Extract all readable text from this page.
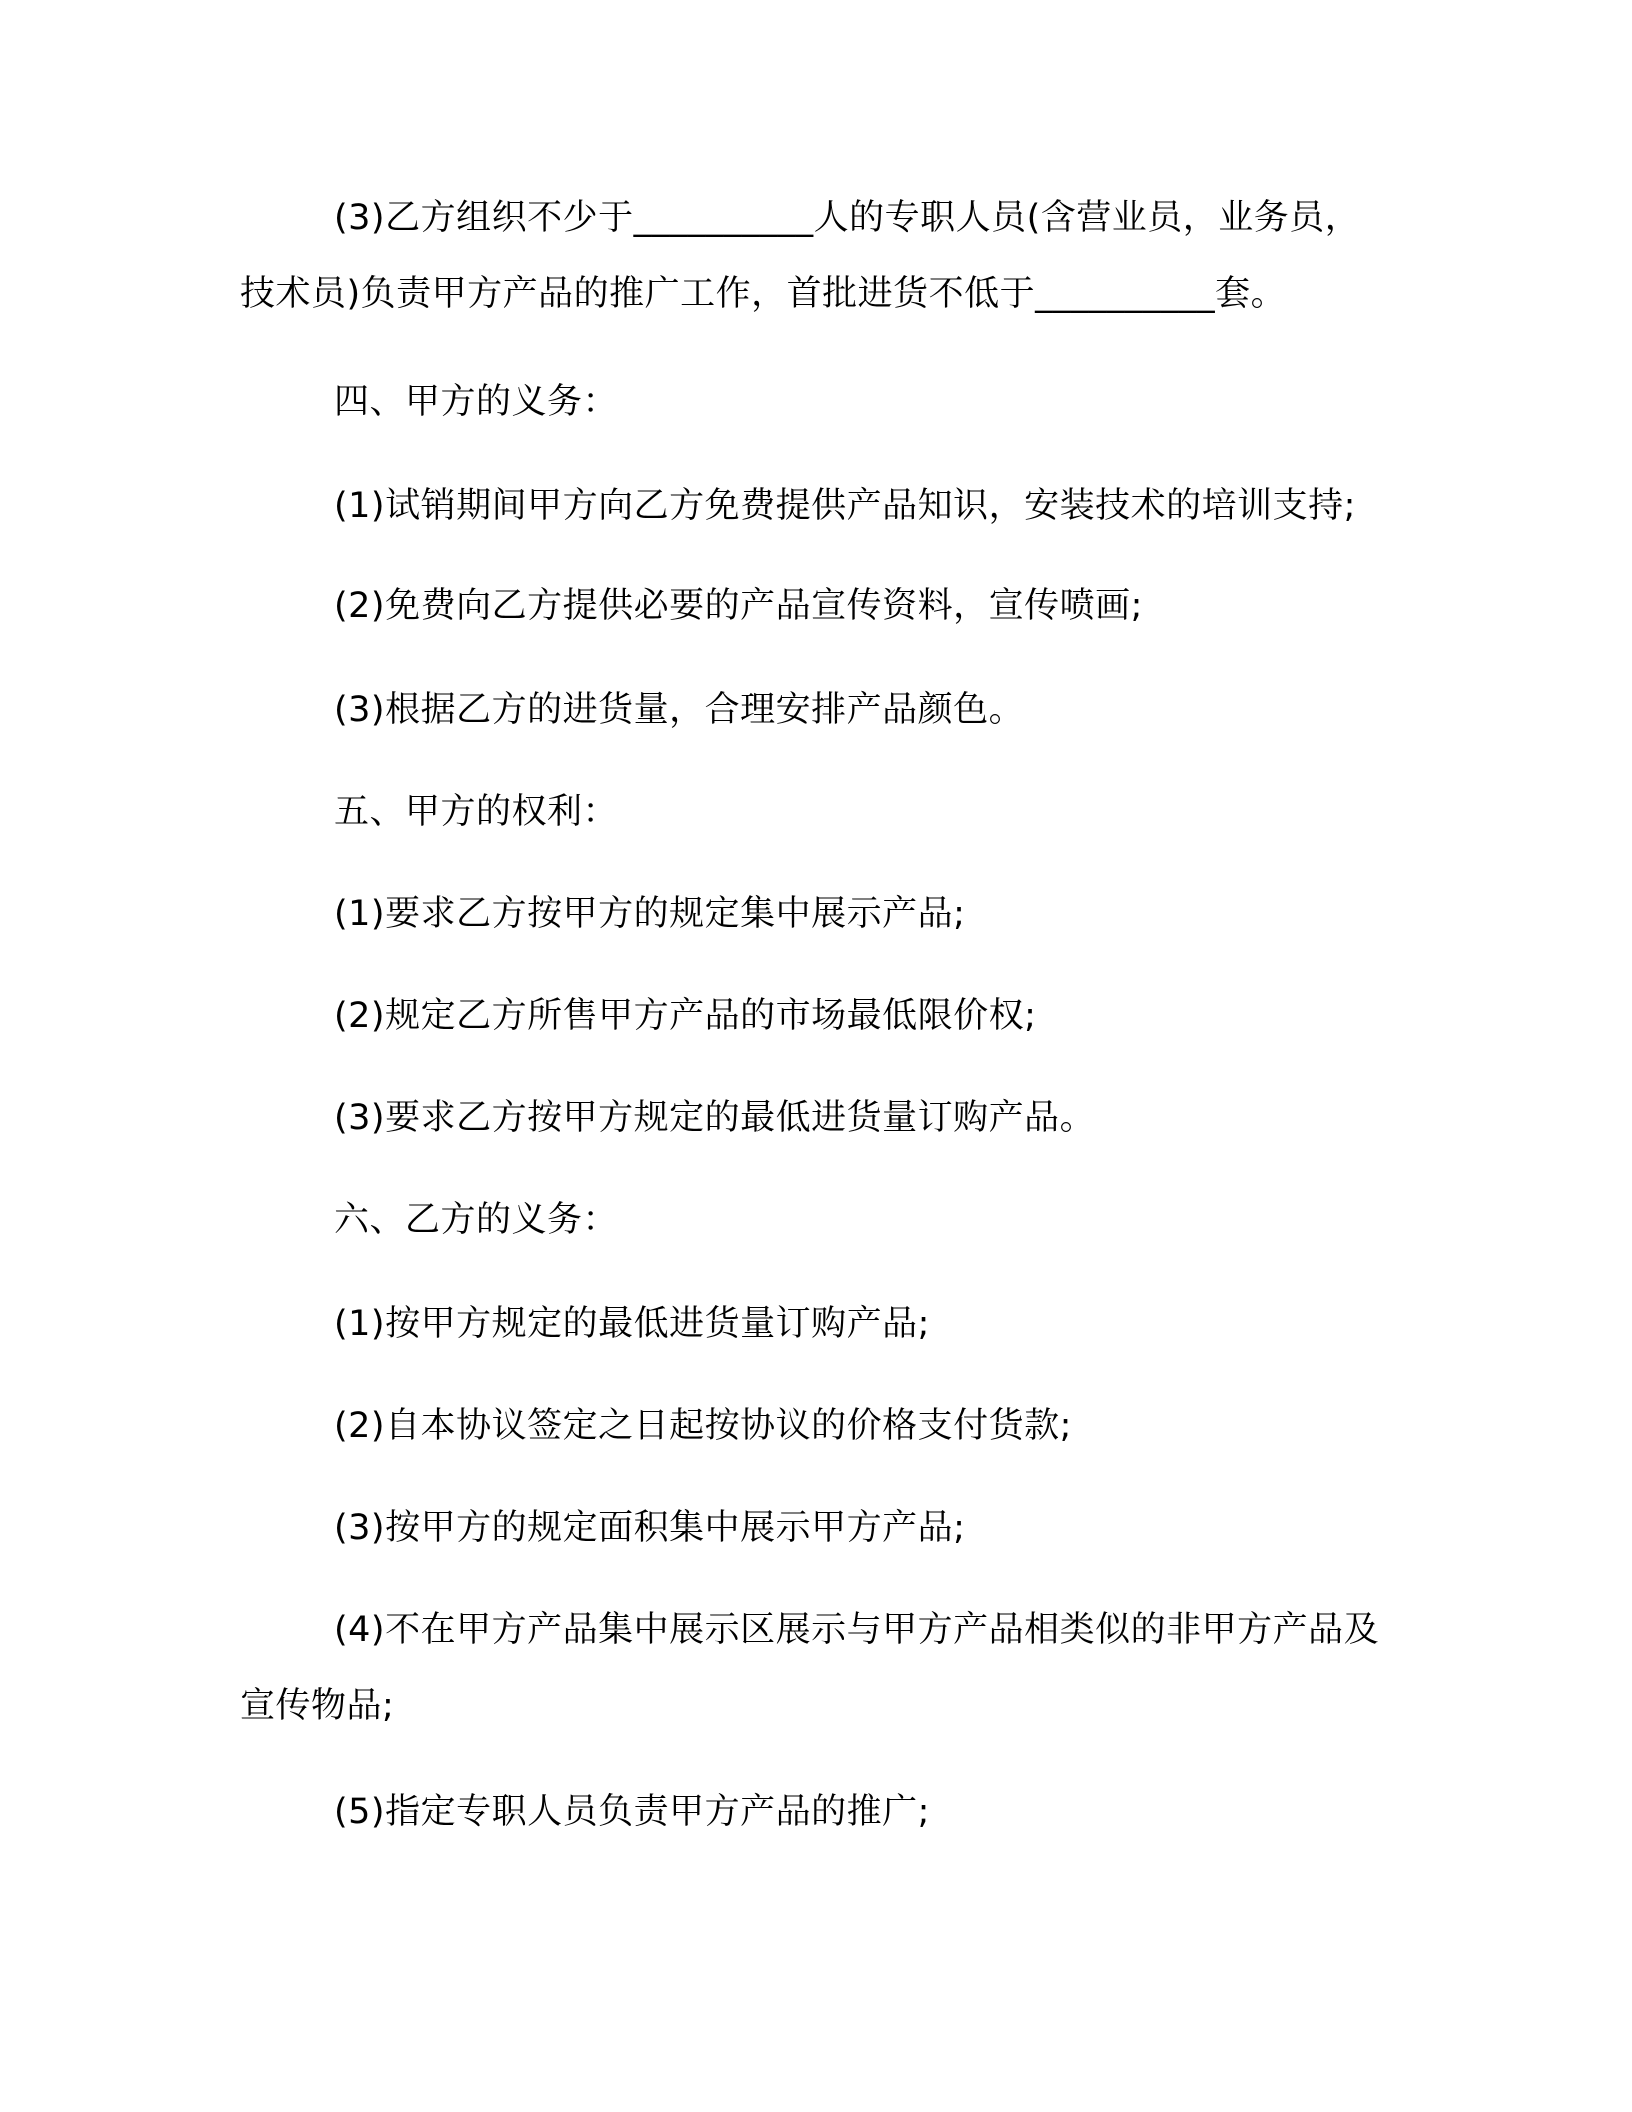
(3)乙方组织不少于__________人的专职人员(含营业员，业务员，技术员)负责甲方产品的推广工作，首批进货不低于__________套。

四、甲方的义务：

(1)试销期间甲方向乙方免费提供产品知识，安装技术的培训支持;

(2)免费向乙方提供必要的产品宣传资料，宣传喷画;

(3)根据乙方的进货量，合理安排产品颜色。

五、甲方的权利：

(1)要求乙方按甲方的规定集中展示产品;

(2)规定乙方所售甲方产品的市场最低限价权;

(3)要求乙方按甲方规定的最低进货量订购产品。

六、乙方的义务：

(1)按甲方规定的最低进货量订购产品;

(2)自本协议签定之日起按协议的价格支付货款;

(3)按甲方的规定面积集中展示甲方产品;

(4)不在甲方产品集中展示区展示与甲方产品相类似的非甲方产品及宣传物品;

(5)指定专职人员负责甲方产品的推广;
